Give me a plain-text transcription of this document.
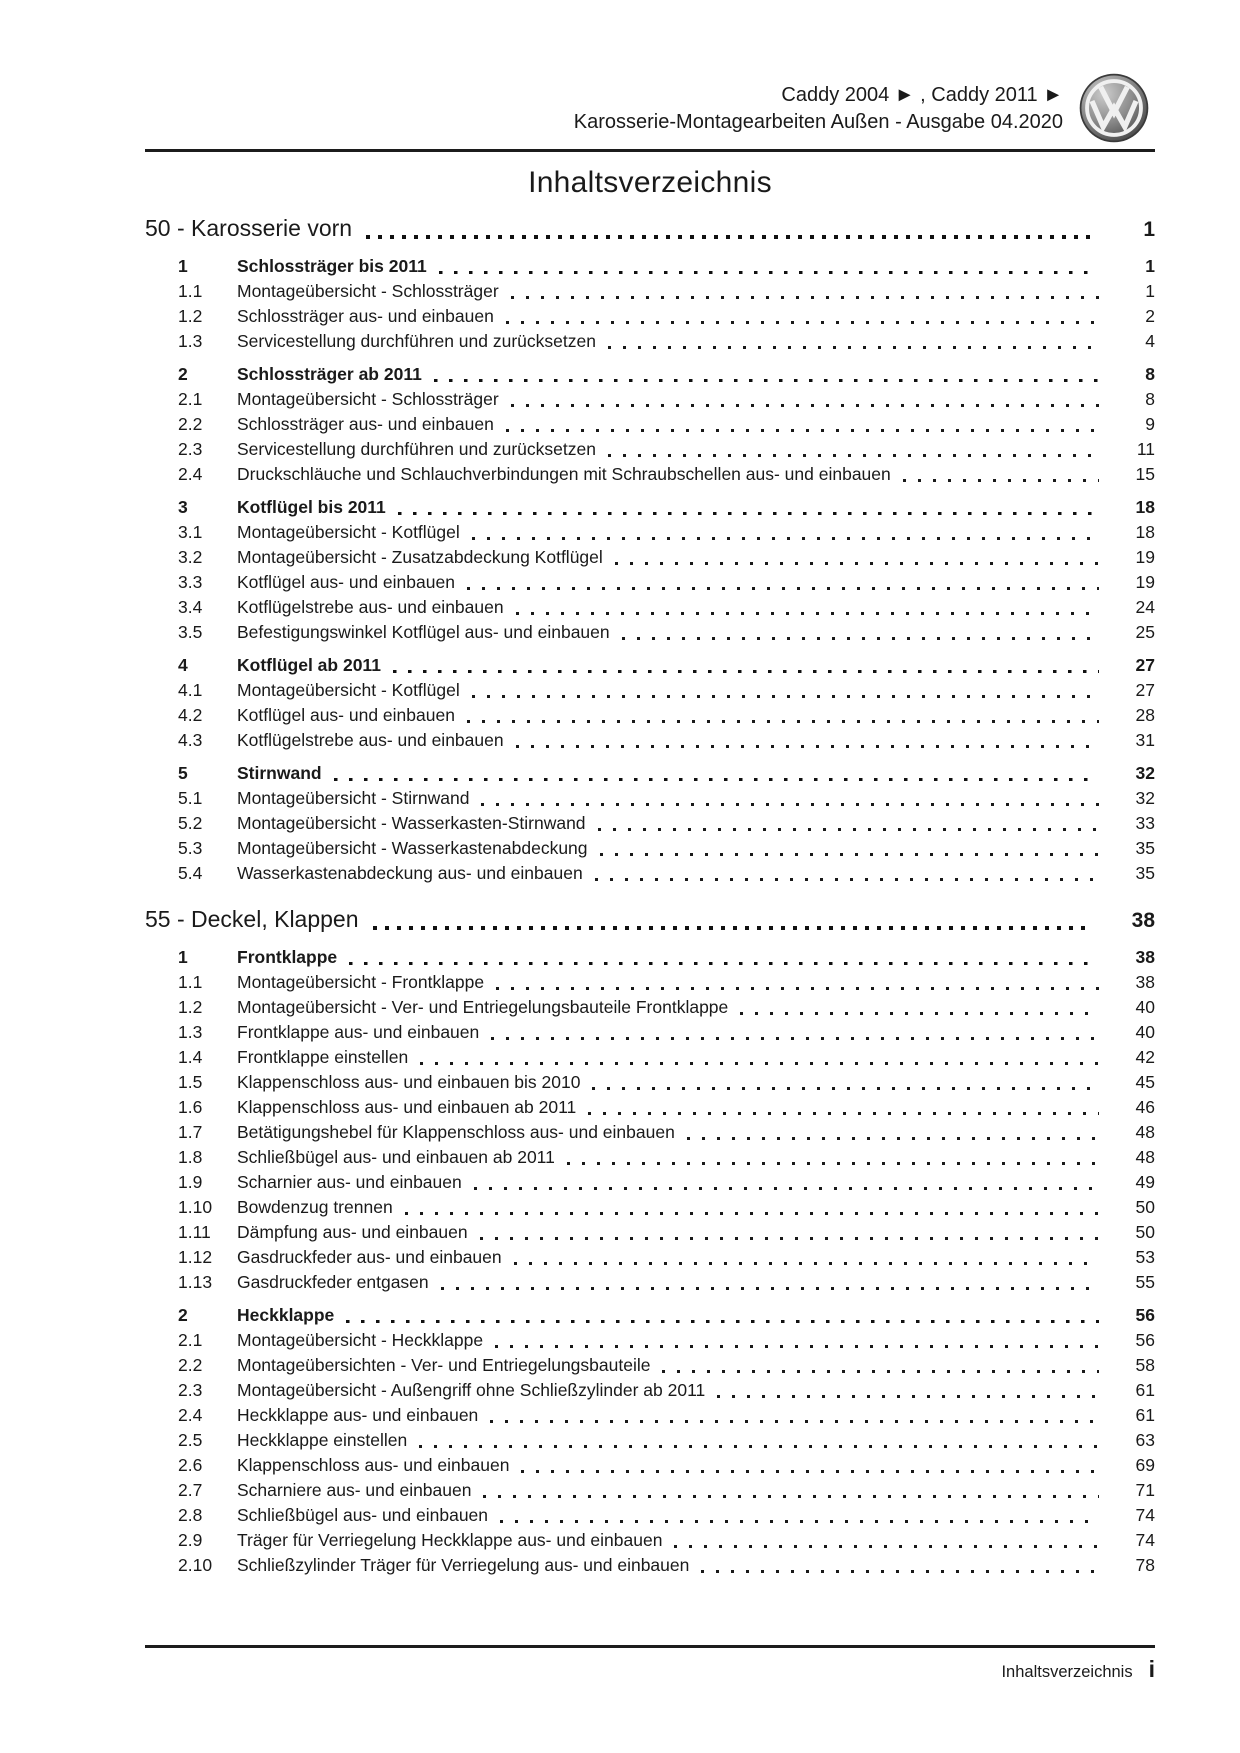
Caddy 2004 ► , Caddy 2011 ►
Karosserie-Montagearbeiten Außen - Ausgabe 04.2020
Inhaltsverzeichnis
50 - Karosserie vorn	1
1	Schlossträger bis 2011	1
1.1	Montageübersicht - Schlossträger	1
1.2	Schlossträger aus- und einbauen	2
1.3	Servicestellung durchführen und zurücksetzen	4
2	Schlossträger ab 2011	8
2.1	Montageübersicht - Schlossträger	8
2.2	Schlossträger aus- und einbauen	9
2.3	Servicestellung durchführen und zurücksetzen	11
2.4	Druckschläuche und Schlauchverbindungen mit Schraubschellen aus- und einbauen	15
3	Kotflügel bis 2011	18
3.1	Montageübersicht - Kotflügel	18
3.2	Montageübersicht - Zusatzabdeckung Kotflügel	19
3.3	Kotflügel aus- und einbauen	19
3.4	Kotflügelstrebe aus- und einbauen	24
3.5	Befestigungswinkel Kotflügel aus- und einbauen	25
4	Kotflügel ab 2011	27
4.1	Montageübersicht - Kotflügel	27
4.2	Kotflügel aus- und einbauen	28
4.3	Kotflügelstrebe aus- und einbauen	31
5	Stirnwand	32
5.1	Montageübersicht - Stirnwand	32
5.2	Montageübersicht - Wasserkasten-Stirnwand	33
5.3	Montageübersicht - Wasserkastenabdeckung	35
5.4	Wasserkastenabdeckung aus- und einbauen	35
55 - Deckel, Klappen	38
1	Frontklappe	38
1.1	Montageübersicht - Frontklappe	38
1.2	Montageübersicht - Ver- und Entriegelungsbauteile Frontklappe	40
1.3	Frontklappe aus- und einbauen	40
1.4	Frontklappe einstellen	42
1.5	Klappenschloss aus- und einbauen bis 2010	45
1.6	Klappenschloss aus- und einbauen ab 2011	46
1.7	Betätigungshebel für Klappenschloss aus- und einbauen	48
1.8	Schließbügel aus- und einbauen ab 2011	48
1.9	Scharnier aus- und einbauen	49
1.10	Bowdenzug trennen	50
1.11	Dämpfung aus- und einbauen	50
1.12	Gasdruckfeder aus- und einbauen	53
1.13	Gasdruckfeder entgasen	55
2	Heckklappe	56
2.1	Montageübersicht - Heckklappe	56
2.2	Montageübersichten - Ver- und Entriegelungsbauteile	58
2.3	Montageübersicht - Außengriff ohne Schließzylinder ab 2011	61
2.4	Heckklappe aus- und einbauen	61
2.5	Heckklappe einstellen	63
2.6	Klappenschloss aus- und einbauen	69
2.7	Scharniere aus- und einbauen	71
2.8	Schließbügel aus- und einbauen	74
2.9	Träger für Verriegelung Heckklappe aus- und einbauen	74
2.10	Schließzylinder Träger für Verriegelung aus- und einbauen	78
Inhaltsverzeichnis i
